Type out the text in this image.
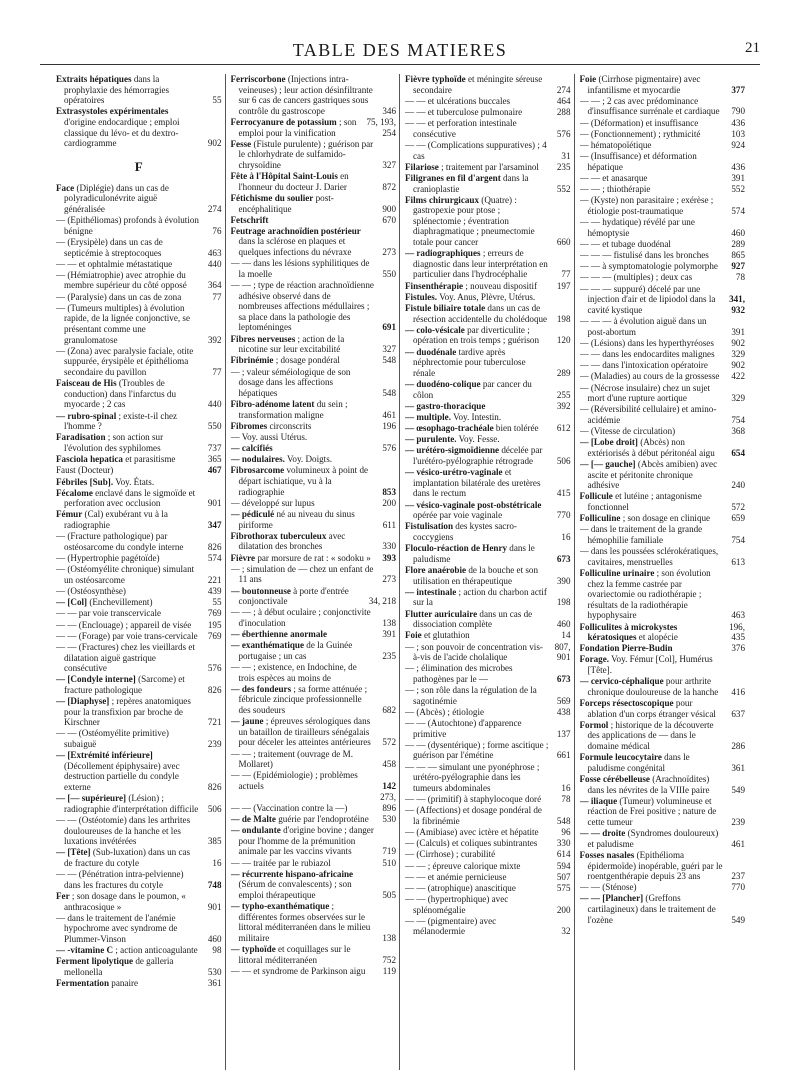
TABLE DES MATIERES	21
Extraits hépatiques dans la prophylaxie des hémorragies opératoires	55
Extrasystoles expérimentales d'origine endocardique ; emploi classique du lévo- et du dextro-cardiogramme	902
F
Face (Diplégie) dans un cas de polyradiculonévrite aiguë généralisée	274
— (Epithéliomas) profonds à évolution bénigne	76
— (Erysipèle) dans un cas de septicémie à streptocoques	463
— — et ophtalmie métastatique	440
— (Hémiatrophie) avec atrophie du membre supérieur du côté opposé	364
— (Paralysie) dans un cas de zona	77
— (Tumeurs multiples) à évolution rapide, de la lignée conjonctive, se présentant comme une granulomatose	392
— (Zona) avec paralysie faciale, otite suppurée, érysipèle et épithélioma secondaire du pavillon	77
Faisceau de His (Troubles de conduction) dans l'infarctus du myocarde ; 2 cas	440
— rubro-spinal ; existe-t-il chez l'homme ?	550
Faradisation ; son action sur l'évolution des syphilomes	737
Fasciola hepatica et parasitisme	365
Faust (Docteur)	467
Fébriles [Sub]. Voy. États.
Fécalome enclavé dans le sigmoïde et perforation avec occlusion	901
Fémur (Cal) exubérant vu à la radiographie	347
— (Fracture pathologique) par ostéosarcome du condyle interne	826
— (Hypertrophie pagétoïde)	574
— (Ostéomyélite chronique) simulant un ostéosarcome	221
— (Ostéosynthèse)	439
— [Col] (Enchevillement)	55
— — par voie transcervicale	769
— — (Enclouage) ; appareil de visée	195
— — (Forage) par voie trans-cervicale	769
— — (Fractures) chez les vieillards et dilatation aiguë gastrique consécutive	576
— [Condyle interne] (Sarcome) et fracture pathologique	826
— [Diaphyse] ; repères anatomiques pour la transfixion par broche de Kirschner	721
— — (Ostéomyélite primitive) subaiguë	239
— [Extrémité inférieure] (Décollement épiphysaire) avec destruction partielle du condyle externe	826
— [— supérieure] (Lésion) ; radiographie d'interprétation difficile	506
— — (Ostéotomie) dans les arthrites douloureuses de la hanche et les luxations invétérées	385
— [Tête] (Sub-luxation) dans un cas de fracture du cotyle	16
— — (Pénétration intra-pelvienne) dans les fractures du cotyle	748
Fer ; son dosage dans le poumon, « anthracosique »	901
— dans le traitement de l'anémie hypochrome avec syndrome de Plummer-Vinson	460
— -vitamine C ; action anticoagulante	98
Ferment lipolytique de galleria mellonella	530
Fermentation panaire	361
Ferriscorbone (Injections intra-veineuses) ; leur action désinfiltrante sur 6 cas de cancers gastriques sous contrôle du gastroscope	346
Ferrocyanure de potassium ; son emploi pour la vinification
75, 193, 254
Fesse (Fistule purulente) ; guérison par le chlorhydrate de sulfamido-chrysoïdine	327
Fête à l'Hôpital Saint-Louis en l'honneur du docteur J. Darier	872
Fétichisme du soulier post-encéphalitique	900
Fetschrift	670
Feutrage arachnoïdien postérieur dans la sclérose en plaques et quelques infections du névraxe	273
— — dans les lésions syphilitiques de la moelle	550
— — ; type de réaction arachnoïdienne adhésive observé dans de nombreuses affections médullaires ; sa place dans la pathologie des leptoméninges	691
Fibres nerveuses ; action de la nicotine sur leur excitabilité	327
Fibrinémie ; dosage pondéral	548
— ; valeur séméiologique de son dosage dans les affections hépatiques	548
Fibro-adénome latent du sein ; transformation maligne	461
Fibromes circonscrits	196
— Voy. aussi Utérus.
— calcifiés	576
— nodulaires. Voy. Doigts.
Fibrosarcome volumineux à point de départ ischiatique, vu à la radiographie	853
— développé sur lupus	200
— pédiculé né au niveau du sinus piriforme	611
Fibrothorax tuberculeux avec dilatation des bronches	330
Fièvre par morsure de rat : « sodoku »	393
— ; simulation de — chez un enfant de 11 ans	273
— boutonneuse à porte d'entrée conjonctivale	34, 218
— — ; à début oculaire ; conjonctivite d'inoculation	138
— éberthienne anormale	391
— exanthématique de la Guinée portugaise ; un cas	235
— — ; existence, en Indochine, de trois espèces au moins de
— des fondeurs ; sa forme atténuée ; fébricule zincique professionnelle des soudeurs	682
— jaune ; épreuves sérologiques dans un bataillon de tirailleurs sénégalais pour déceler les atteintes antérieures	572
— — ; traitement (ouvrage de M. Mollaret)	458
— — (Epidémiologie) ; problèmes actuels	142
— — (Vaccination contre la —)
273, 896
— de Malte guérie par l'endoprotéine	530
— ondulante d'origine bovine ; danger pour l'homme de la prémunition animale par les vaccins vivants	719
— — traitée par le rubiazol	510
— récurrente hispano-africaine (Sérum de convalescents) ; son emploi thérapeutique	505
— typho-exanthématique ; différentes formes observées sur le littoral méditerranéen dans le milieu militaire	138
— typhoïde et coquillages sur le littoral méditerranéen	752
— — et syndrome de Parkinson aigu	119
Fièvre typhoïde et méningite séreuse secondaire	274
— — et ulcérations buccales	464
— — et tuberculose pulmonaire	288
— — et perforation intestinale consécutive	576
— — (Complications suppuratives) ; 4 cas	31
Filariose ; traitement par l'arsaminol	235
Filigranes en fil d'argent dans la cranioplastie	552
Films chirurgicaux (Quatre) : gastropexie pour ptose ; splénectomie ; éventration diaphragmatique ; pneumectomie totale pour cancer	660
— radiographiques ; erreurs de diagnostic dans leur interprétation en particulier dans l'hydrocéphalie	77
Finsenthérapie ; nouveau dispositif	197
Fistules. Voy. Anus, Plèvre, Utérus.
Fistule biliaire totale dans un cas de résection accidentelle du cholédoque	198
— colo-vésicale par diverticulite ; opération en trois temps ; guérison	120
— duodénale tardive après néphrectomie pour tuberculose rénale	289
— duodéno-colique par cancer du côlon	255
— gastro-thoracique	392
— multiple. Voy. Intestin.
— œsophago-trachéale bien tolérée	612
— purulente. Voy. Fesse.
— urétéro-sigmoïdienne décelée par l'urétéro-pyélographie rétrograde	506
— vésico-urétro-vaginale et implantation bilatérale des uretères dans le rectum	415
— vésico-vaginale post-obstétricale opérée par voie vaginale	770
Fistulisation des kystes sacro-coccygiens	16
Floculo-réaction de Henry dans le paludisme	673
Flore anaérobie de la bouche et son utilisation en thérapeutique	390
— intestinale ; action du charbon actif sur la	198
Flutter auriculaire dans un cas de dissociation complète	460
Foie et glutathion	14
— ; son pouvoir de concentration vis-à-vis de l'acide cholalique
807, 901
— ; élimination des microbes pathogènes par le —	673
— ; son rôle dans la régulation de la sagotinémie	569
— (Abcès) ; étiologie	438
— — (Autochtone) d'apparence primitive	137
— — (dysentérique) ; forme ascitique ; guérison par l'émétine	661
— — — simulant une pyonéphrose ; urétéro-pyélographie dans les tumeurs abdominales	16
— — (primitif) à staphylocoque doré	78
— (Affections) et dosage pondéral de la fibrinémie	548
— (Amibiase) avec ictère et hépatite	96
— (Calculs) et coliques subintrantes	330
— (Cirrhose) ; curabilité	614
— — ; épreuve calorique mixte	594
— — et anémie pernicieuse	507
— — (atrophique) anascitique	575
— — (hypertrophique) avec splénomégalie	200
— — (pigmentaire) avec mélanodermie	32
Foie (Cirrhose pigmentaire) avec infantilisme et myocardie	377
— — ; 2 cas avec prédominance d'insuffisance surrénale et cardiaque	790
— (Déformation) et insuffisance	436
— (Fonctionnement) ; rythmicité	103
— hématopoïétique	924
— (Insuffisance) et déformation hépatique	436
— — et anasarque	391
— — ; thiothérapie	552
— (Kyste) non parasitaire ; exérèse ; étiologie post-traumatique	574
— — hydatique) révélé par une hémoptysie	460
— — et tubage duodénal	289
— — — fistulisé dans les bronches	865
— — à symptomatologie polymorphe	927
— — — (multiples) ; deux cas	78
— — — suppuré) décelé par une injection d'air et de lipiodol dans la cavité kystique
341, 932
— — — à évolution aiguë dans un post-abortum	391
— (Lésions) dans les hyperthyréoses	902
— — dans les endocardites malignes	329
— — dans l'intoxication opératoire	902
— (Maladies) au cours de la grossesse	422
— (Nécrose insulaire) chez un sujet mort d'une rupture aortique	329
— (Réversibilité cellulaire) et amino-acidémie	754
— (Vitesse de circulation)	368
— [Lobe droit] (Abcès) non extériorisés à début péritonéal aigu	654
— [— gauche] (Abcès amibien) avec ascite et péritonite chronique adhésive	240
Follicule et lutéine ; antagonisme fonctionnel	572
Folliculine ; son dosage en clinique	659
— dans le traitement de la grande hémophilie familiale	754
— dans les poussées sclérokératiques, cavitaires, menstruelles	613
Folliculine urinaire ; son évolution chez la femme castrée par ovariectomie ou radiothérapie ; résultats de la radiothérapie hypophysaire	463
Folliculites à microkystes kératosiques et alopécie
196, 435
Fondation Pierre-Budin	376
Forage. Voy. Fémur [Col], Humérus [Tête].
— cervico-céphalique pour arthrite chronique douloureuse de la hanche	416
Forceps résectoscopique pour ablation d'un corps étranger vésical	637
Formol ; historique de la découverte des applications de — dans le domaine médical	286
Formule leucocytaire dans le paludisme congénital	361
Fosse cérébelleuse (Arachnoïdites) dans les névrites de la VIIIe paire	549
— iliaque (Tumeur) volumineuse et réaction de Frei positive ; nature de cette tumeur	239
— — droite (Syndromes douloureux) et paludisme	461
Fosses nasales (Epithélioma épidermoïde) inopérable, guéri par le roentgenthérapie depuis 23 ans	237
— — (Sténose)	770
— — [Plancher] (Greffons cartilagineux) dans le traitement de l'ozène	549
